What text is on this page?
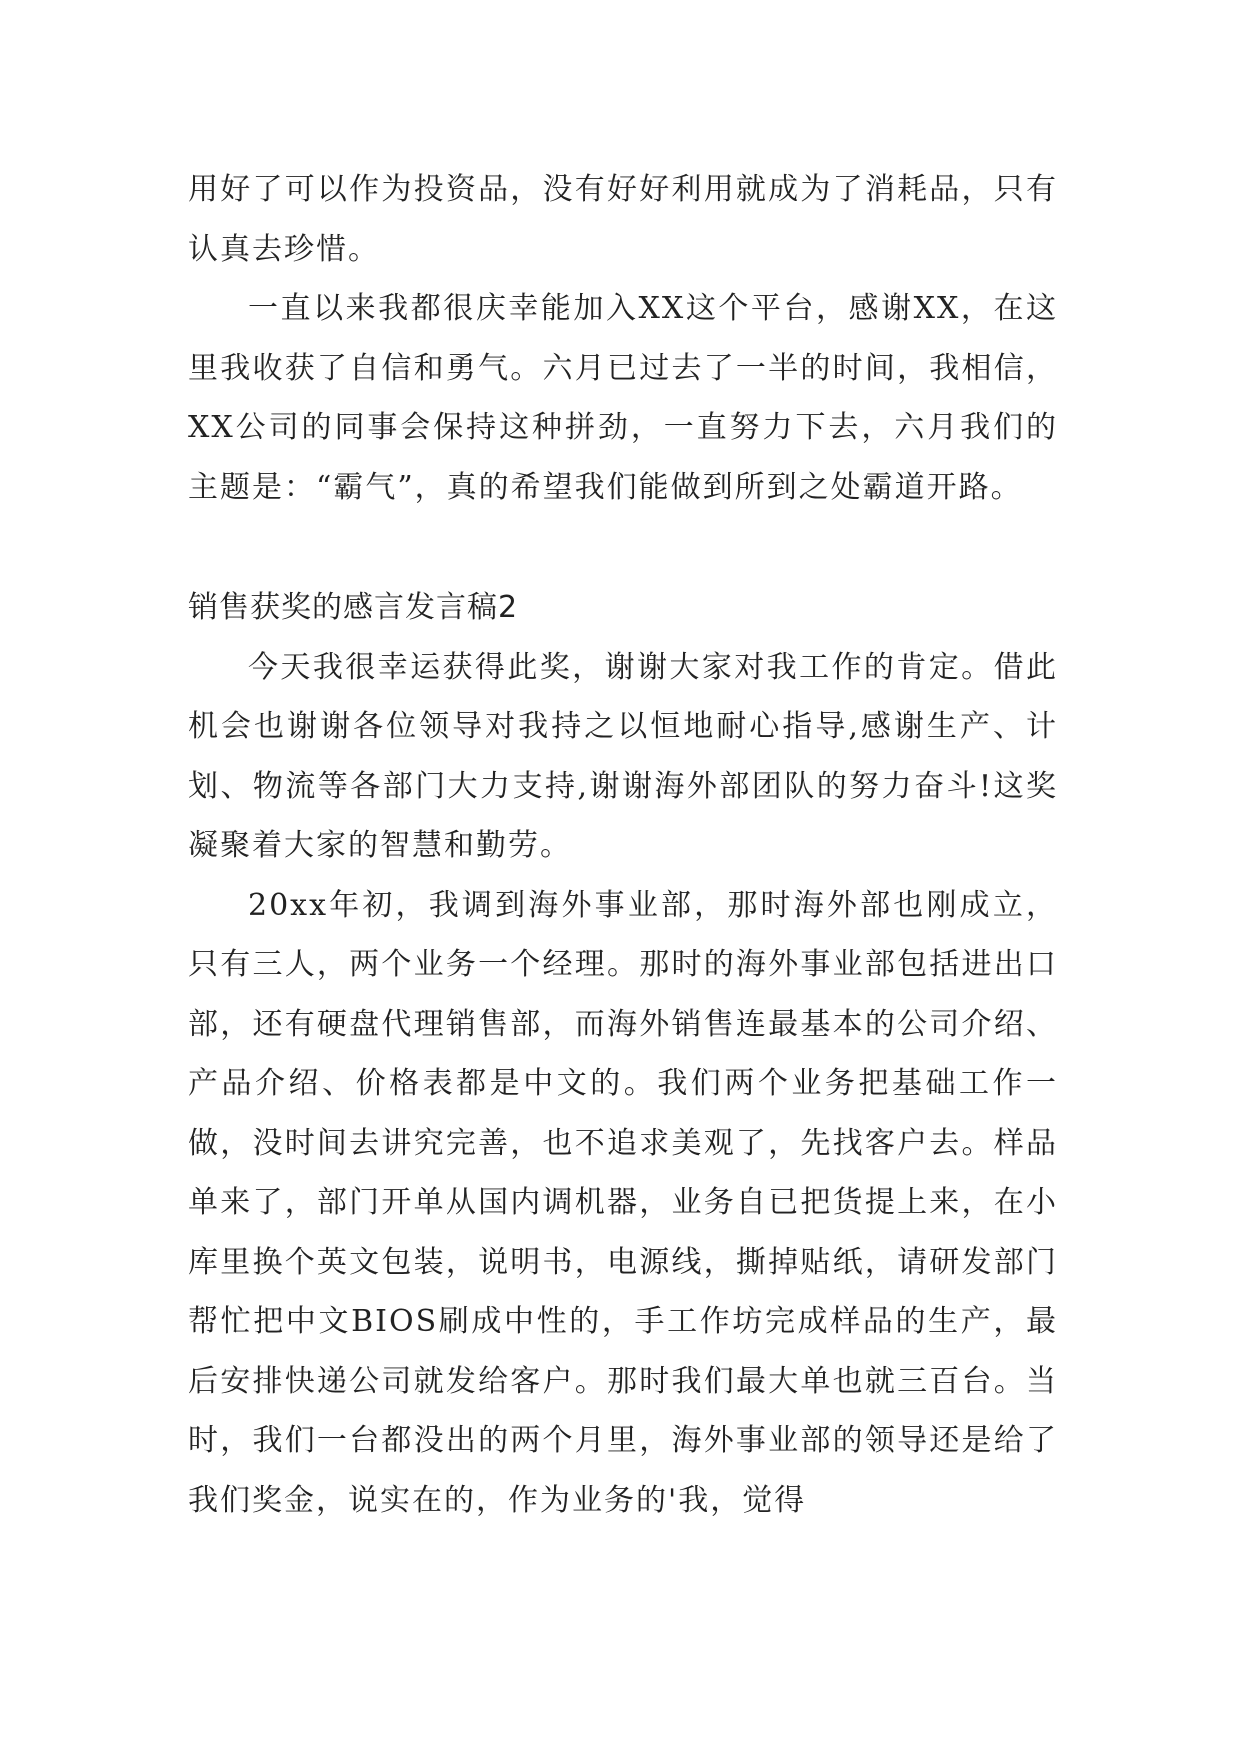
用好了可以作为投资品，没有好好利用就成为了消耗品，只有认真去珍惜。

一直以来我都很庆幸能加入XX这个平台，感谢XX，在这里我收获了自信和勇气。六月已过去了一半的时间，我相信，XX公司的同事会保持这种拼劲，一直努力下去，六月我们的主题是：“霸气”，真的希望我们能做到所到之处霸道开路。

销售获奖的感言发言稿2

今天我很幸运获得此奖，谢谢大家对我工作的肯定。借此机会也谢谢各位领导对我持之以恒地耐心指导,感谢生产、计划、物流等各部门大力支持,谢谢海外部团队的努力奋斗!这奖凝聚着大家的智慧和勤劳。

20xx年初，我调到海外事业部，那时海外部也刚成立，只有三人，两个业务一个经理。那时的海外事业部包括进出口部，还有硬盘代理销售部，而海外销售连最基本的公司介绍、产品介绍、价格表都是中文的。我们两个业务把基础工作一做，没时间去讲究完善，也不追求美观了，先找客户去。样品单来了，部门开单从国内调机器，业务自已把货提上来，在小库里换个英文包装，说明书，电源线，撕掉贴纸，请研发部门帮忙把中文BIOS刷成中性的，手工作坊完成样品的生产，最后安排快递公司就发给客户。那时我们最大单也就三百台。当时，我们一台都没出的两个月里，海外事业部的领导还是给了我们奖金，说实在的，作为业务的'我，觉得
